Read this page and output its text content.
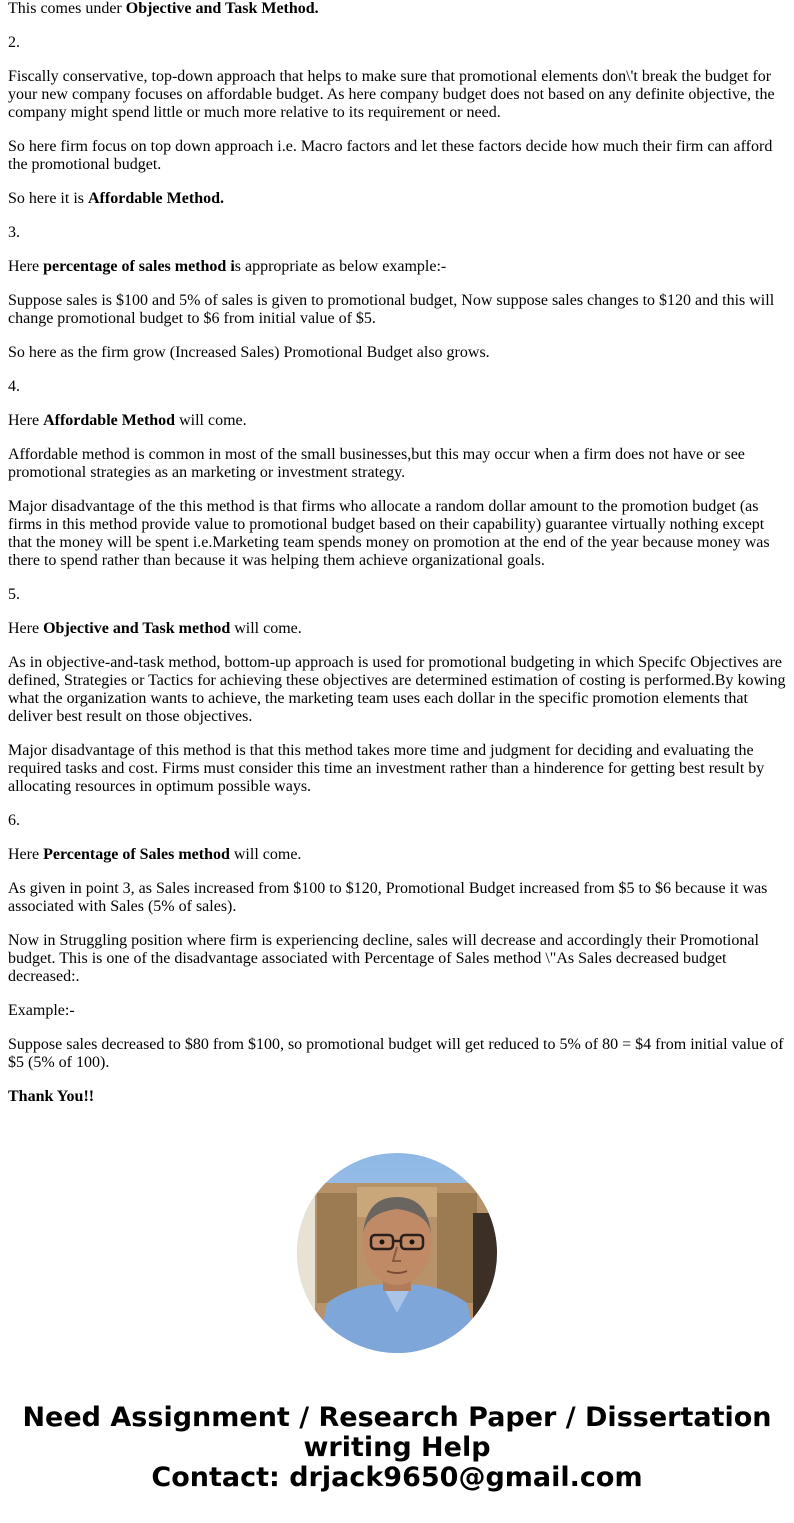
This comes under Objective and Task Method.

2.

Fiscally conservative, top-down approach that helps to make sure that promotional elements don\'t break the budget for your new company focuses on affordable budget. As here company budget does not based on any definite objective, the company might spend little or much more relative to its requirement or need.

So here firm focus on top down approach i.e. Macro factors and let these factors decide how much their firm can afford the promotional budget.

So here it is Affordable Method.

3.

Here percentage of sales method is appropriate as below example:-

Suppose sales is $100 and 5% of sales is given to promotional budget, Now suppose sales changes to $120 and this will change promotional budget to $6 from initial value of $5.

So here as the firm grow (Increased Sales) Promotional Budget also grows.

4.

Here Affordable Method will come.

Affordable method is common in most of the small businesses,but this may occur when a firm does not have or see promotional strategies as an marketing or investment strategy.

Major disadvantage of the this method is that firms who allocate a random dollar amount to the promotion budget (as firms in this method provide value to promotional budget based on their capability) guarantee virtually nothing except that the money will be spent i.e.Marketing team spends money on promotion at the end of the year because money was there to spend rather than because it was helping them achieve organizational goals.

5.

Here Objective and Task method will come.

As in objective-and-task method, bottom-up approach is used for promotional budgeting in which Specifc Objectives are defined, Strategies or Tactics for achieving these objectives are determined estimation of costing is performed.By kowing what the organization wants to achieve, the marketing team uses each dollar in the specific promotion elements that deliver best result on those objectives.

Major disadvantage of this method is that this method takes more time and judgment for deciding and evaluating the required tasks and cost. Firms must consider this time an investment rather than a hinderence for getting best result by allocating resources in optimum possible ways.

6.

Here Percentage of Sales method will come.

As given in point 3, as Sales increased from $100 to $120, Promotional Budget increased from $5 to $6 because it was associated with Sales (5% of sales).

Now in Struggling position where firm is experiencing decline, sales will decrease and accordingly their Promotional budget. This is one of the disadvantage associated with Percentage of Sales method \"As Sales decreased budget decreased:.

Example:-

Suppose sales decreased to $80 from $100, so promotional budget will get reduced to 5% of 80 = $4 from initial value of $5 (5% of 100).

Thank You!!

Need Assignment / Research Paper / Dissertation
writing Help
Contact: drjack9650@gmail.com
